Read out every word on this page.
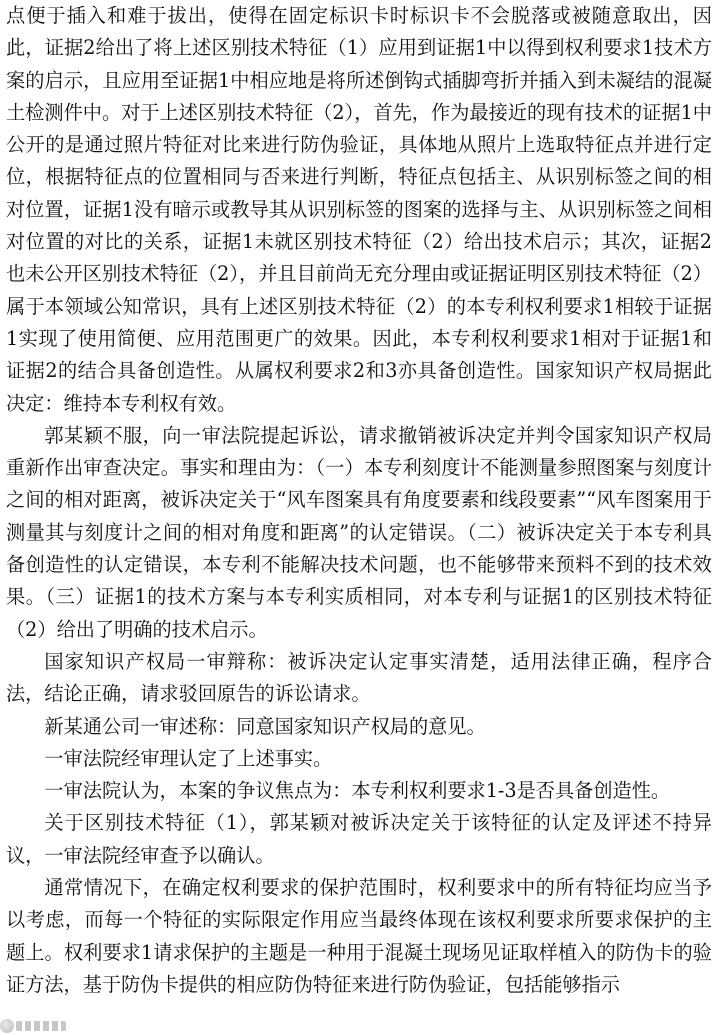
点便于插入和难于拔出，使得在固定标识卡时标识卡不会脱落或被随意取出，因此，证据2给出了将上述区别技术特征（1）应用到证据1中以得到权利要求1技术方案的启示，且应用至证据1中相应地是将所述倒钩式插脚弯折并插入到未凝结的混凝土检测件中。对于上述区别技术特征（2），首先，作为最接近的现有技术的证据1中公开的是通过照片特征对比来进行防伪验证，具体地从照片上选取特征点并进行定位，根据特征点的位置相同与否来进行判断，特征点包括主、从识别标签之间的相对位置，证据1没有暗示或教导其从识别标签的图案的选择与主、从识别标签之间相对位置的对比的关系，证据1未就区别技术特征（2）给出技术启示；其次，证据2也未公开区别技术特征（2），并且目前尚无充分理由或证据证明区别技术特征（2）属于本领域公知常识，具有上述区别技术特征（2）的本专利权利要求1相较于证据1实现了使用简便、应用范围更广的效果。因此，本专利权利要求1相对于证据1和证据2的结合具备创造性。从属权利要求2和3亦具备创造性。国家知识产权局据此决定：维持本专利权有效。

郭某颖不服，向一审法院提起诉讼，请求撤销被诉决定并判令国家知识产权局重新作出审查决定。事实和理由为：（一）本专利刻度计不能测量参照图案与刻度计之间的相对距离，被诉决定关于“风车图案具有角度要素和线段要素”“风车图案用于测量其与刻度计之间的相对角度和距离”的认定错误。（二）被诉决定关于本专利具备创造性的认定错误，本专利不能解决技术问题，也不能够带来预料不到的技术效果。（三）证据1的技术方案与本专利实质相同，对本专利与证据1的区别技术特征（2）给出了明确的技术启示。

国家知识产权局一审辩称：被诉决定认定事实清楚，适用法律正确，程序合法，结论正确，请求驳回原告的诉讼请求。

新某通公司一审述称：同意国家知识产权局的意见。

一审法院经审理认定了上述事实。

一审法院认为，本案的争议焦点为：本专利权利要求1-3是否具备创造性。

关于区别技术特征（1），郭某颖对被诉决定关于该特征的认定及评述不持异议，一审法院经审查予以确认。

通常情况下，在确定权利要求的保护范围时，权利要求中的所有特征均应当予以考虑，而每一个特征的实际限定作用应当最终体现在该权利要求所要求保护的主题上。权利要求1请求保护的主题是一种用于混凝土现场见证取样植入的防伪卡的验证方法，基于防伪卡提供的相应防伪特征来进行防伪验证，包括能够指示
